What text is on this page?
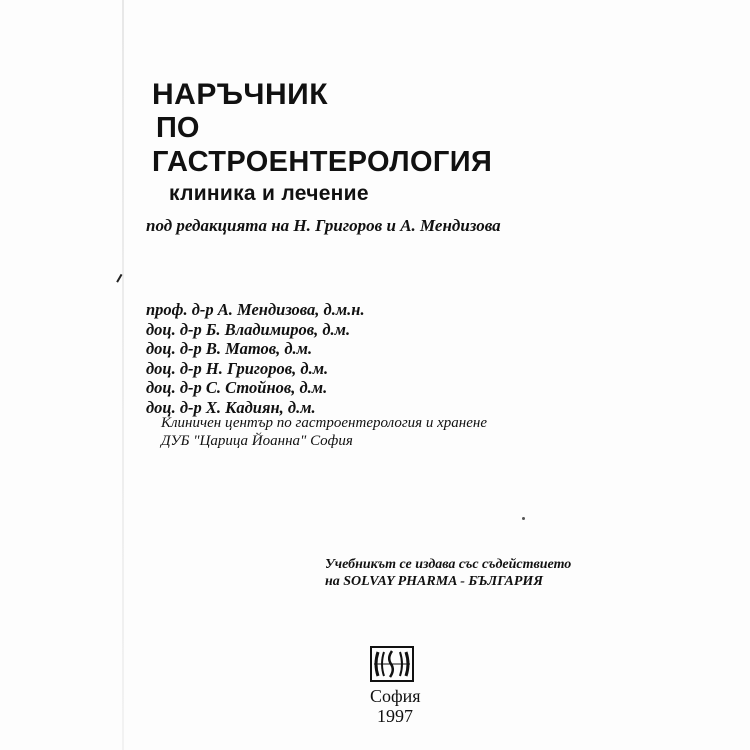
НАРЪЧНИК
ПО
ГАСТРОЕНТЕРОЛОГИЯ
клиника и лечение
под редакцията на Н. Григоров и А. Мендизова
проф. д-р А. Мендизова, д.м.н.
доц. д-р Б. Владимиров, д.м.
доц. д-р В. Матов, д.м.
доц. д-р Н. Григоров, д.м.
доц. д-р С. Стойнов, д.м.
доц. д-р Х. Кадиян, д.м.
Клиничен център по гастроентерология и хранене
ДУБ "Царица Йоанна" София
Учебникът се издава със съдействието
на SOLVAY PHARMA - БЪЛГАРИЯ
София
1997
